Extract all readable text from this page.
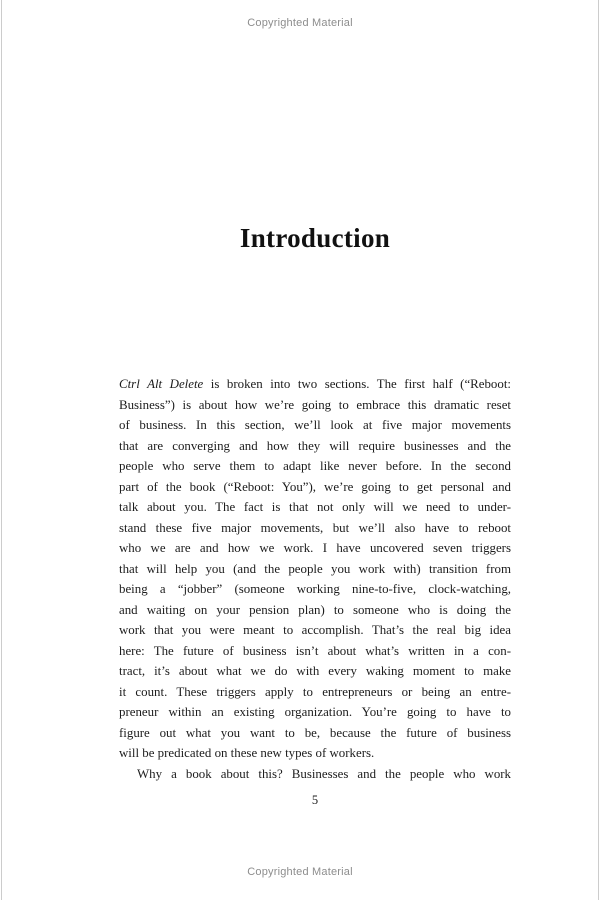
Copyrighted Material
Introduction
Ctrl Alt Delete is broken into two sections. The first half (“Reboot:
Business”) is about how we’re going to embrace this dramatic reset
of business. In this section, we’ll look at five major movements
that are converging and how they will require businesses and the
people who serve them to adapt like never before. In the second
part of the book (“Reboot: You”), we’re going to get personal and
talk about you. The fact is that not only will we need to under-
stand these five major movements, but we’ll also have to reboot
who we are and how we work. I have uncovered seven triggers
that will help you (and the people you work with) transition from
being a “jobber” (someone working nine-to-five, clock-watching,
and waiting on your pension plan) to someone who is doing the
work that you were meant to accomplish. That’s the real big idea
here: The future of business isn’t about what’s written in a con-
tract, it’s about what we do with every waking moment to make
it count. These triggers apply to entrepreneurs or being an entre-
preneur within an existing organization. You’re going to have to
figure out what you want to be, because the future of business
will be predicated on these new types of workers.
Why a book about this? Businesses and the people who work
5
Copyrighted Material
